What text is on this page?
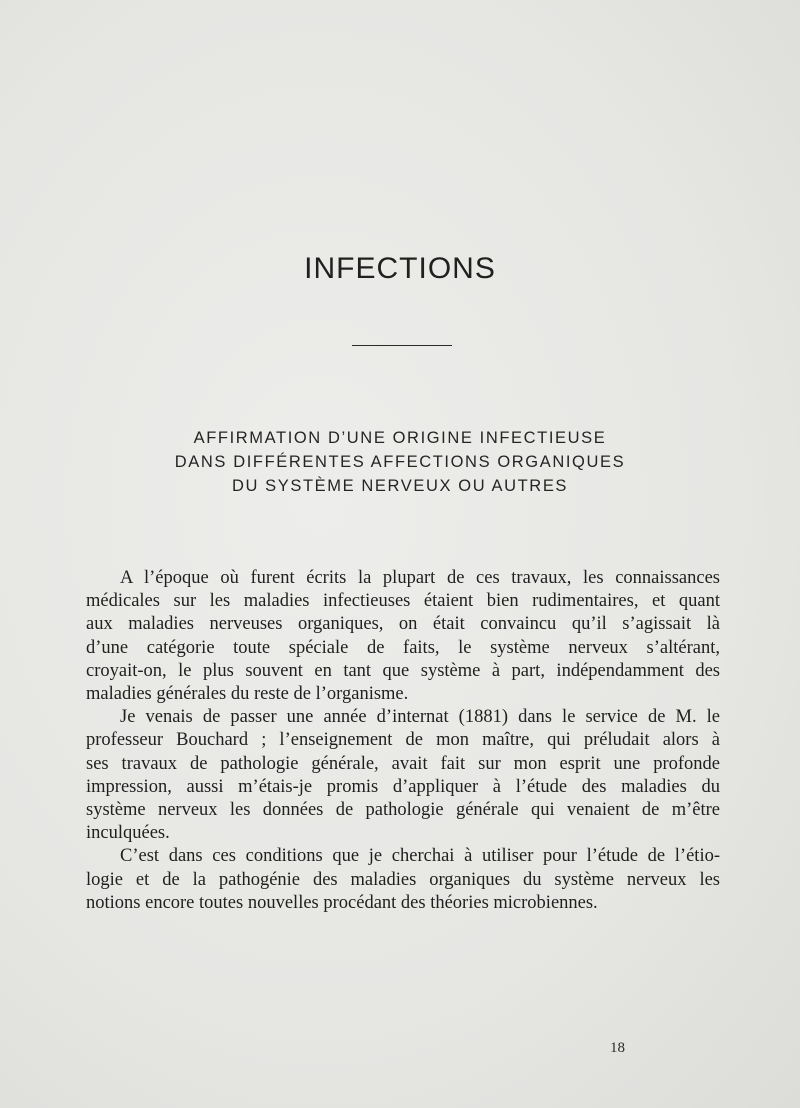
INFECTIONS
AFFIRMATION D’UNE ORIGINE INFECTIEUSE
DANS DIFFÉRENTES AFFECTIONS ORGANIQUES
DU SYSTÈME NERVEUX OU AUTRES
A l’époque où furent écrits la plupart de ces travaux, les connaissances
médicales sur les maladies infectieuses étaient bien rudimentaires, et quant
aux maladies nerveuses organiques, on était convaincu qu’il s’agissait là
d’une catégorie toute spéciale de faits, le système nerveux s’altérant,
croyait-on, le plus souvent en tant que système à part, indépendamment des
maladies générales du reste de l’organisme.
Je venais de passer une année d’internat (1881) dans le service de M. le
professeur Bouchard ; l’enseignement de mon maître, qui préludait alors à
ses travaux de pathologie générale, avait fait sur mon esprit une profonde
impression, aussi m’étais-je promis d’appliquer à l’étude des maladies du
système nerveux les données de pathologie générale qui venaient de m’être
inculquées.
C’est dans ces conditions que je cherchai à utiliser pour l’étude de l’étio-
logie et de la pathogénie des maladies organiques du système nerveux les
notions encore toutes nouvelles procédant des théories microbiennes.
18
